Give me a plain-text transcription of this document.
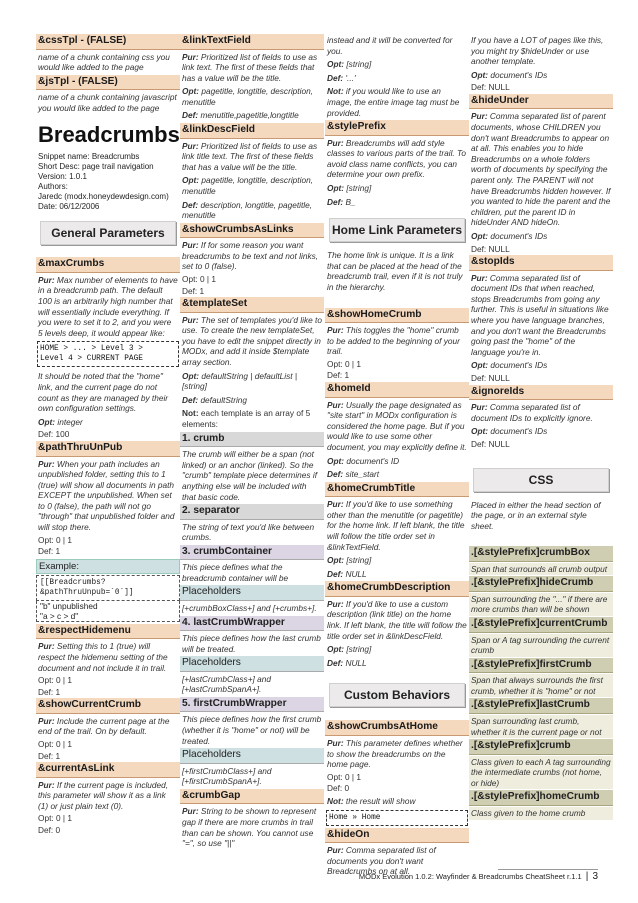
&cssTpl - (FALSE)
name of a chunk containing css you would like added to the page
&jsTpl - (FALSE)
name of a chunk containing javascript you would like added to the page
Breadcrumbs
Snippet name: Breadcrumbs
Short Desc: page trail navigation
Version: 1.0.1
Authors:
Jaredc (modx.honeydewdesign.com)
Date: 06/12/2006
General Parameters
&maxCrumbs
Pur: Max number of elements to have in a breadcrumb path. The default 100 is an arbitrarily high number that will essentially include everything. If you were to set it to 2, and you were 5 levels deep, it would appear like:
HOME > ... > Level 3 >
Level 4 > CURRENT PAGE
It should be noted that the "home" link, and the current page do not count as they are managed by their own configuration settings.
Opt: integer
Def: 100
&pathThruUnPub
Pur: When your path includes an unpublished folder, setting this to 1 (true) will show all documents in path EXCEPT the unpublished. When set to 0 (false), the path will not go "through" that unpublished folder and will stop there.
Opt: 0 | 1
Def: 1
Example:
[[Breadcrumbs?
&pathThruUnpub=`0`]]
"b" unpublished
"a > c > d"
&respectHidemenu
Pur: Setting this to 1 (true) will respect the hidemenu setting of the document and not include it in trail.
Opt: 0 | 1
Def: 1
&showCurrentCrumb
Pur: Include the current page at the end of the trail. On by default.
Opt: 0 | 1
Def: 1
&currentAsLink
Pur: If the current page is included, this parameter will show it as a link (1) or just plain text (0).
Opt: 0 | 1
Def: 0
&linkTextField
Pur: Prioritized list of fields to use as link text. The first of these fields that has a value will be the title.
Opt: pagetitle, longtitle, description, menutitle
Def: menutitle,pagetitle,longtitle
&linkDescField
Pur: Prioritized list of fields to use as link title text. The first of these fields that has a value will be the title.
Opt: pagetitle, longtitle, description, menutitle
Def: description, longtitle, pagetitle, menutitle
&showCrumbsAsLinks
Pur: If for some reason you want breadcrumbs to be text and not links, set to 0 (false).
Opt: 0 | 1
Def: 1
&templateSet
Pur: The set of templates you'd like to use. To create the new templateSet, you have to edit the snippet directly in MODx, and add it inside $template array section.
Opt: defaultString | defaultList | [string]
Def: defaultString
Not: each template is an array of 5 elements:
1. crumb
The crumb will either be a span (not linked) or an anchor (linked). So the "crumb" template piece determines if anything else will be included with that basic code.
2. separator
The string of text you'd like between crumbs.
3. crumbContainer
This piece defines what the breadcrumb container will be
Placeholders
[+crumbBoxClass+] and [+crumbs+].
4. lastCrumbWrapper
This piece defines how the last crumb will be treated.
Placeholders
[+lastCrumbClass+] and [+lastCrumbSpanA+].
5. firstCrumbWrapper
This piece defines how the first crumb (whether it is "home" or not) will be treated.
Placeholders
[+firstCrumbClass+] and [+firstCrumbSpanA+].
&crumbGap
Pur: String to be shown to represent gap if there are more crumbs in trail than can be shown. You cannot use "=", so use "||"
instead and it will be converted for you.
Opt: [string]
Def: '...'
Not: if you would like to use an image, the entire image tag must be provided.
&stylePrefix
Pur: Breadcrumbs will add style classes to various parts of the trail. To avoid class name conflicts, you can determine your own prefix.
Opt: [string]
Def: B_
Home Link Parameters
The home link is unique. It is a link that can be placed at the head of the breadcrumb trail, even if it is not truly in the hierarchy.
&showHomeCrumb
Pur: This toggles the "home" crumb to be added to the beginning of your trail.
Opt: 0 | 1
Def: 1
&homeId
Pur: Usually the page designated as "site start" in MODx configuration is considered the home page. But if you would like to use some other document, you may explicitly define it.
Opt: document's ID
Def: site_start
&homeCrumbTitle
Pur: If you'd like to use something other than the menutitle (or pagetitle) for the home link. If left blank, the title will follow the title order set in &linkTextField.
Opt: [string]
Def: NULL
&homeCrumbDescription
Pur: If you'd like to use a custom description (link title) on the home link. If left blank, the title will follow the title order set in &linkDescField.
Opt: [string]
Def: NULL
Custom Behaviors
&showCrumbsAtHome
Pur: This parameter defines whether to show the breadcrumbs on the home page.
Opt: 0 | 1
Def: 0
Not: the result will show
Home » Home
&hideOn
Pur: Comma separated list of documents you don't want Breadcrumbs on at all.
If you have a LOT of pages like this, you might try $hideUnder or use another template.
Opt: document's IDs
Def: NULL
&hideUnder
Pur: Comma separated list of parent documents, whose CHILDREN you don't want Breadcrumbs to appear on at all. This enables you to hide Breadcrumbs on a whole folders worth of documents by specifying the parent only. The PARENT will not have Breadcrumbs hidden however. If you wanted to hide the parent and the children, put the parent ID in hideUnder AND hideOn.
Opt: document's IDs
Def: NULL
&stopIds
Pur: Comma separated list of document IDs that when reached, stops Breadcrumbs from going any further. This is useful in situations like where you have language branches, and you don't want the Breadcrumbs going past the "home" of the language you're in.
Opt: document's IDs
Def: NULL
&ignoreIds
Pur: Comma separated list of document IDs to explicitly ignore.
Opt: document's IDs
Def: NULL
CSS
Placed in either the head section of the page, or in an external style sheet.
.[&stylePrefix]crumbBox
Span that surrounds all crumb output
.[&stylePrefix]hideCrumb
Span surrounding the "..." if there are more crumbs than will be shown
.[&stylePrefix]currentCrumb
Span or A tag surrounding the current crumb
.[&stylePrefix]firstCrumb
Span that always surrounds the first crumb, whether it is "home" or not
.[&stylePrefix]lastCrumb
Span surrounding last crumb, whether it is the current page or not
.[&stylePrefix]crumb
Class given to each A tag surrounding the intermediate crumbs (not home, or hide)
.[&stylePrefix]homeCrumb
Class given to the home crumb
MODx Evolution 1.0.2: Wayfinder & Breadcrumbs CheatSheet r.1.1 | 3
